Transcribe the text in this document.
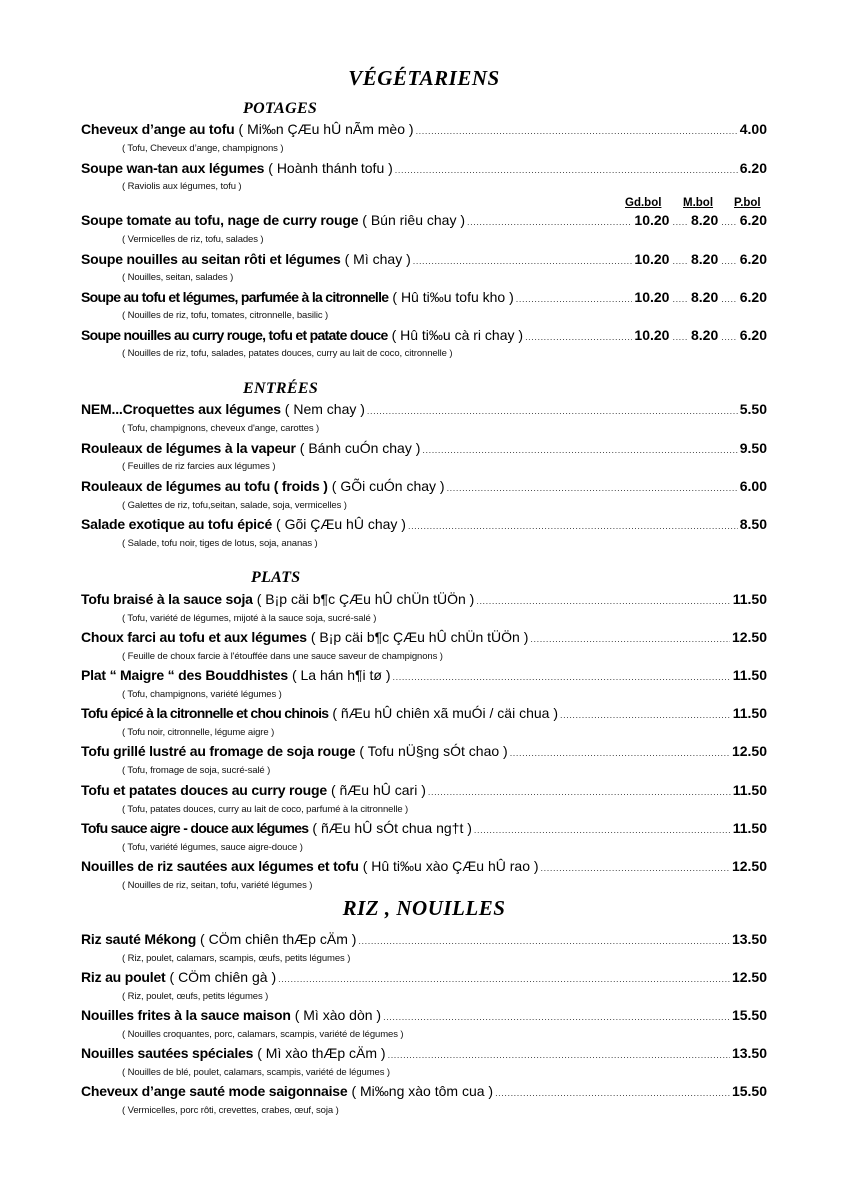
VÉGÉTARIENS
POTAGES
Cheveux d’ange au tofu ( Mi‰n ÇÆu hÛ nÃm mèo ) .....	4.00
( Tofu, Cheveux d’ange, champignons )
Soupe wan-tan aux légumes ( Hoành thánh tofu ) .....	6.20
( Raviolis aux légumes, tofu )
Gd.bol M.bol P.bol
Soupe tomate au tofu, nage de curry rouge ( Bún riêu chay ) .....	10.20 ..... 8.20 ..... 6.20
( Vermicelles de riz, tofu, salades )
Soupe nouilles au seitan rôti et légumes ( Mì chay ) .....	10.20 ..... 8.20 ..... 6.20
( Nouilles, seitan, salades )
Soupe au tofu et légumes, parfumée à la citronnelle ( Hû ti‰u tofu kho ) .....	10.20 ..... 8.20 ..... 6.20
( Nouilles de riz, tofu, tomates, citronnelle, basilic )
Soupe nouilles au curry rouge, tofu et patate douce ( Hû ti‰u cà ri chay ) .....	10.20 ..... 8.20 ..... 6.20
( Nouilles de riz, tofu, salades, patates douces, curry au lait de coco, citronnelle )
ENTRÉES
NEM...Croquettes aux légumes ( Nem chay ) .....	5.50
( Tofu, champignons, cheveux d'ange, carottes )
Rouleaux de légumes à la vapeur ( Bánh cuÓn chay ) .....	9.50
( Feuilles de riz farcies aux légumes )
Rouleaux de légumes au tofu ( froids ) ( GÕi cuÓn chay ) .....	6.00
( Galettes de riz, tofu,seitan, salade, soja, vermicelles )
Salade exotique au tofu épicé ( Gõi ÇÆu hÛ chay ) .....	8.50
( Salade, tofu noir, tiges de lotus, soja, ananas )
PLATS
Tofu braisé à la sauce soja ( B¡p cäi b¶c ÇÆu hÛ chÜn tÜÖn ) .....	11.50
( Tofu, variété de légumes, mijoté à la sauce soja, sucré-salé )
Choux farci au tofu et aux légumes ( B¡p cäi b¶c ÇÆu hÛ chÜn tÜÖn ) .....	12.50
( Feuille de choux farcie à l'étouffée dans une sauce saveur de champignons )
Plat “ Maigre “ des Bouddhistes ( La hán h¶i tø ) .....	11.50
( Tofu, champignons, variété légumes )
Tofu épicé à la citronnelle et chou chinois ( ñÆu hÛ chiên xã muÓi / cäi chua ) .....	11.50
( Tofu noir, citronnelle, légume aigre )
Tofu grillé lustré au fromage de soja rouge ( Tofu nÜ§ng sÓt chao ) .....	12.50
( Tofu, fromage de soja, sucré-salé )
Tofu et patates douces au curry rouge ( ñÆu hÛ cari ) .....	11.50
( Tofu, patates douces, curry au lait de coco, parfumé à la citronnelle )
Tofu sauce aigre - douce aux légumes ( ñÆu hÛ sÓt chua ng†t ) .....	11.50
( Tofu, variété légumes, sauce aigre-douce )
Nouilles de riz sautées aux légumes et tofu ( Hû ti‰u xào ÇÆu hÛ rao ) .....	12.50
( Nouilles de riz, seitan, tofu, variété légumes )
RIZ , NOUILLES
Riz sauté Mékong ( CÖm chiên thÆp cÄm ) .....	13.50
( Riz, poulet, calamars, scampis, œufs, petits légumes )
Riz au poulet ( CÖm chiên gà ) .....	12.50
( Riz, poulet, œufs, petits légumes )
Nouilles frites à la sauce maison ( Mì xào dòn ) .....	15.50
( Nouilles croquantes, porc, calamars, scampis, variété de légumes )
Nouilles sautées spéciales ( Mì xào thÆp cÄm ) .....	13.50
( Nouilles de blé, poulet, calamars, scampis, variété de légumes )
Cheveux d’ange sauté mode saigonnaise ( Mi‰ng xào tôm cua ) .....	15.50
( Vermicelles, porc rôti, crevettes, crabes, œuf, soja )
